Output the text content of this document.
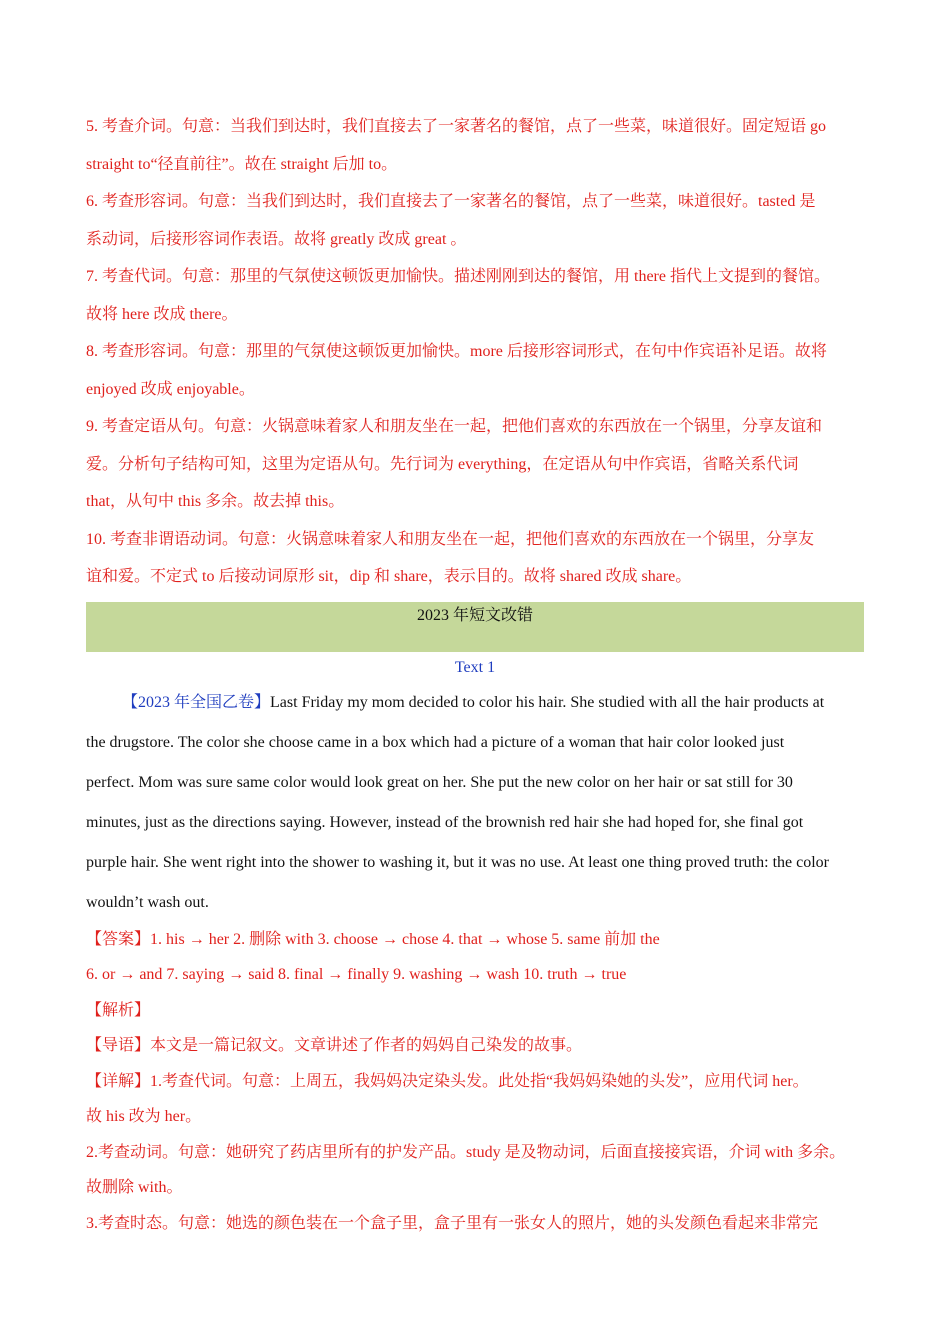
5. 考查介词。句意：当我们到达时，我们直接去了一家著名的餐馆，点了一些菜，味道很好。固定短语 go

straight to“径直前往”。故在 straight 后加 to。

6. 考查形容词。句意：当我们到达时，我们直接去了一家著名的餐馆，点了一些菜，味道很好。tasted 是

系动词，后接形容词作表语。故将 greatly 改成 great 。

7. 考查代词。句意：那里的气氛使这顿饭更加愉快。描述刚刚到达的餐馆，用 there 指代上文提到的餐馆。

故将 here 改成 there。

8. 考查形容词。句意：那里的气氛使这顿饭更加愉快。more 后接形容词形式，在句中作宾语补足语。故将

enjoyed 改成 enjoyable。

9. 考查定语从句。句意：火锅意味着家人和朋友坐在一起，把他们喜欢的东西放在一个锅里，分享友谊和

爱。分析句子结构可知，这里为定语从句。先行词为 everything，在定语从句中作宾语，省略关系代词

that，从句中 this 多余。故去掉 this。

10. 考查非谓语动词。句意：火锅意味着家人和朋友坐在一起，把他们喜欢的东西放在一个锅里，分享友

谊和爱。不定式 to 后接动词原形 sit，dip 和 share，表示目的。故将 shared 改成 share。

2023 年短文改错
Text 1

【2023 年全国乙卷】Last Friday my mom decided to color his hair. She studied with all the hair products at

the drugstore. The color she choose came in a box which had a picture of a woman that hair color looked just

perfect. Mom was sure same color would look great on her. She put the new color on her hair or sat still for 30

minutes, just as the directions saying. However, instead of the brownish red hair she had hoped for, she final got

purple hair. She went right into the shower to washing it, but it was no use. At least one thing proved truth: the color

wouldn’t wash out.

【答案】1. his → her 2. 删除 with 3. choose → chose 4. that → whose 5. same 前加 the

6. or → and 7. saying → said 8. final → finally 9. washing → wash 10. truth → true

【解析】

【导语】本文是一篇记叙文。文章讲述了作者的妈妈自己染发的故事。

【详解】1.考查代词。句意：上周五，我妈妈决定染头发。此处指“我妈妈染她的头发”，应用代词 her。

故 his 改为 her。

2.考查动词。句意：她研究了药店里所有的护发产品。study 是及物动词，后面直接接宾语，介词 with 多余。

故删除 with。

3.考查时态。句意：她选的颜色装在一个盒子里，盒子里有一张女人的照片，她的头发颜色看起来非常完
